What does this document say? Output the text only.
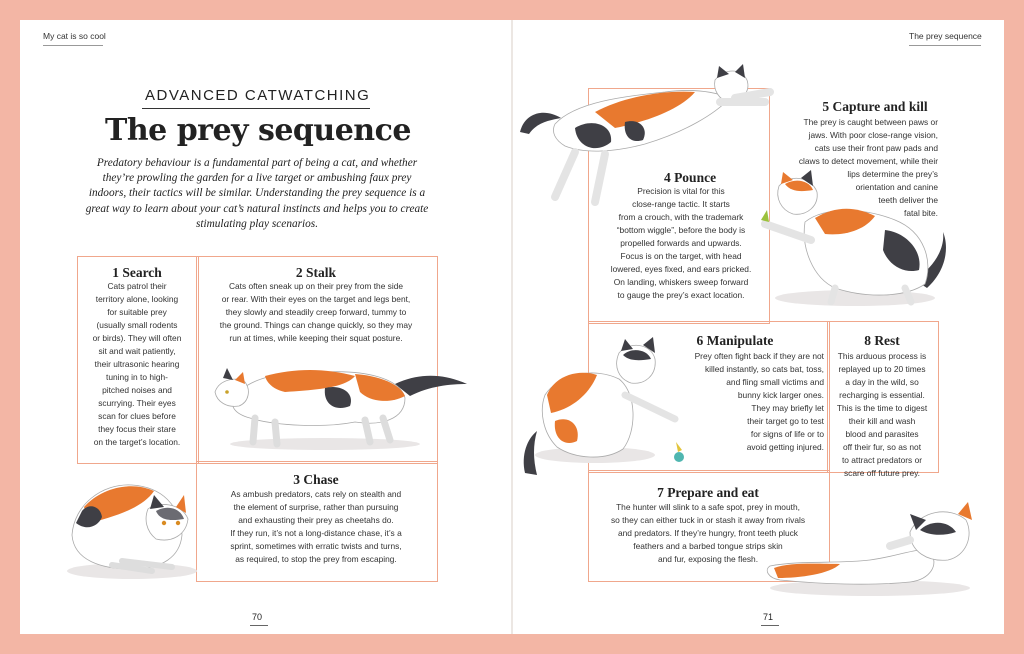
My cat is so cool	The prey sequence
70	71
ADVANCED CATWATCHING
The prey sequence
Predatory behaviour is a fundamental part of being a cat, and whether they’re prowling the garden for a live target or ambushing faux prey indoors, their tactics will be similar. Understanding the prey sequence is a great way to learn about your cat’s natural instincts and helps you to create stimulating play scenarios.
1 Search
Cats patrol their
territory alone, looking
for suitable prey
(usually small rodents
or birds). They will often
sit and wait patiently,
their ultrasonic hearing
tuning in to high-
pitched noises and
scurrying. Their eyes
scan for clues before
they focus their stare
on the target’s location.
2 Stalk
Cats often sneak up on their prey from the side
or rear. With their eyes on the target and legs bent,
they slowly and steadily creep forward, tummy to
the ground. Things can change quickly, so they may
run at times, while keeping their squat posture.
3 Chase
As ambush predators, cats rely on stealth and
the element of surprise, rather than pursuing
and exhausting their prey as cheetahs do.
If they run, it’s not a long-distance chase, it’s a
sprint, sometimes with erratic twists and turns,
as required, to stop the prey from escaping.
4 Pounce
Precision is vital for this
close-range tactic. It starts
from a crouch, with the trademark
“bottom wiggle”, before the body is
propelled forwards and upwards.
Focus is on the target, with head
lowered, eyes fixed, and ears pricked.
On landing, whiskers sweep forward
to gauge the prey’s exact location.
5 Capture and kill
The prey is caught between paws or
jaws. With poor close-range vision,
cats use their front paw pads and
claws to detect movement, while their
lips determine the prey’s
orientation and canine
teeth deliver the
fatal bite.
6 Manipulate
Prey often fight back if they are not
killed instantly, so cats bat, toss,
and fling small victims and
bunny kick larger ones.
They may briefly let
their target go to test
for signs of life or to
avoid getting injured.
8 Rest
This arduous process is
replayed up to 20 times
a day in the wild, so
recharging is essential.
This is the time to digest
their kill and wash
blood and parasites
off their fur, so as not
to attract predators or
scare off future prey.
7 Prepare and eat
The hunter will slink to a safe spot, prey in mouth,
so they can either tuck in or stash it away from rivals
and predators. If they’re hungry, front teeth pluck
feathers and a barbed tongue strips skin
and fur, exposing the flesh.
